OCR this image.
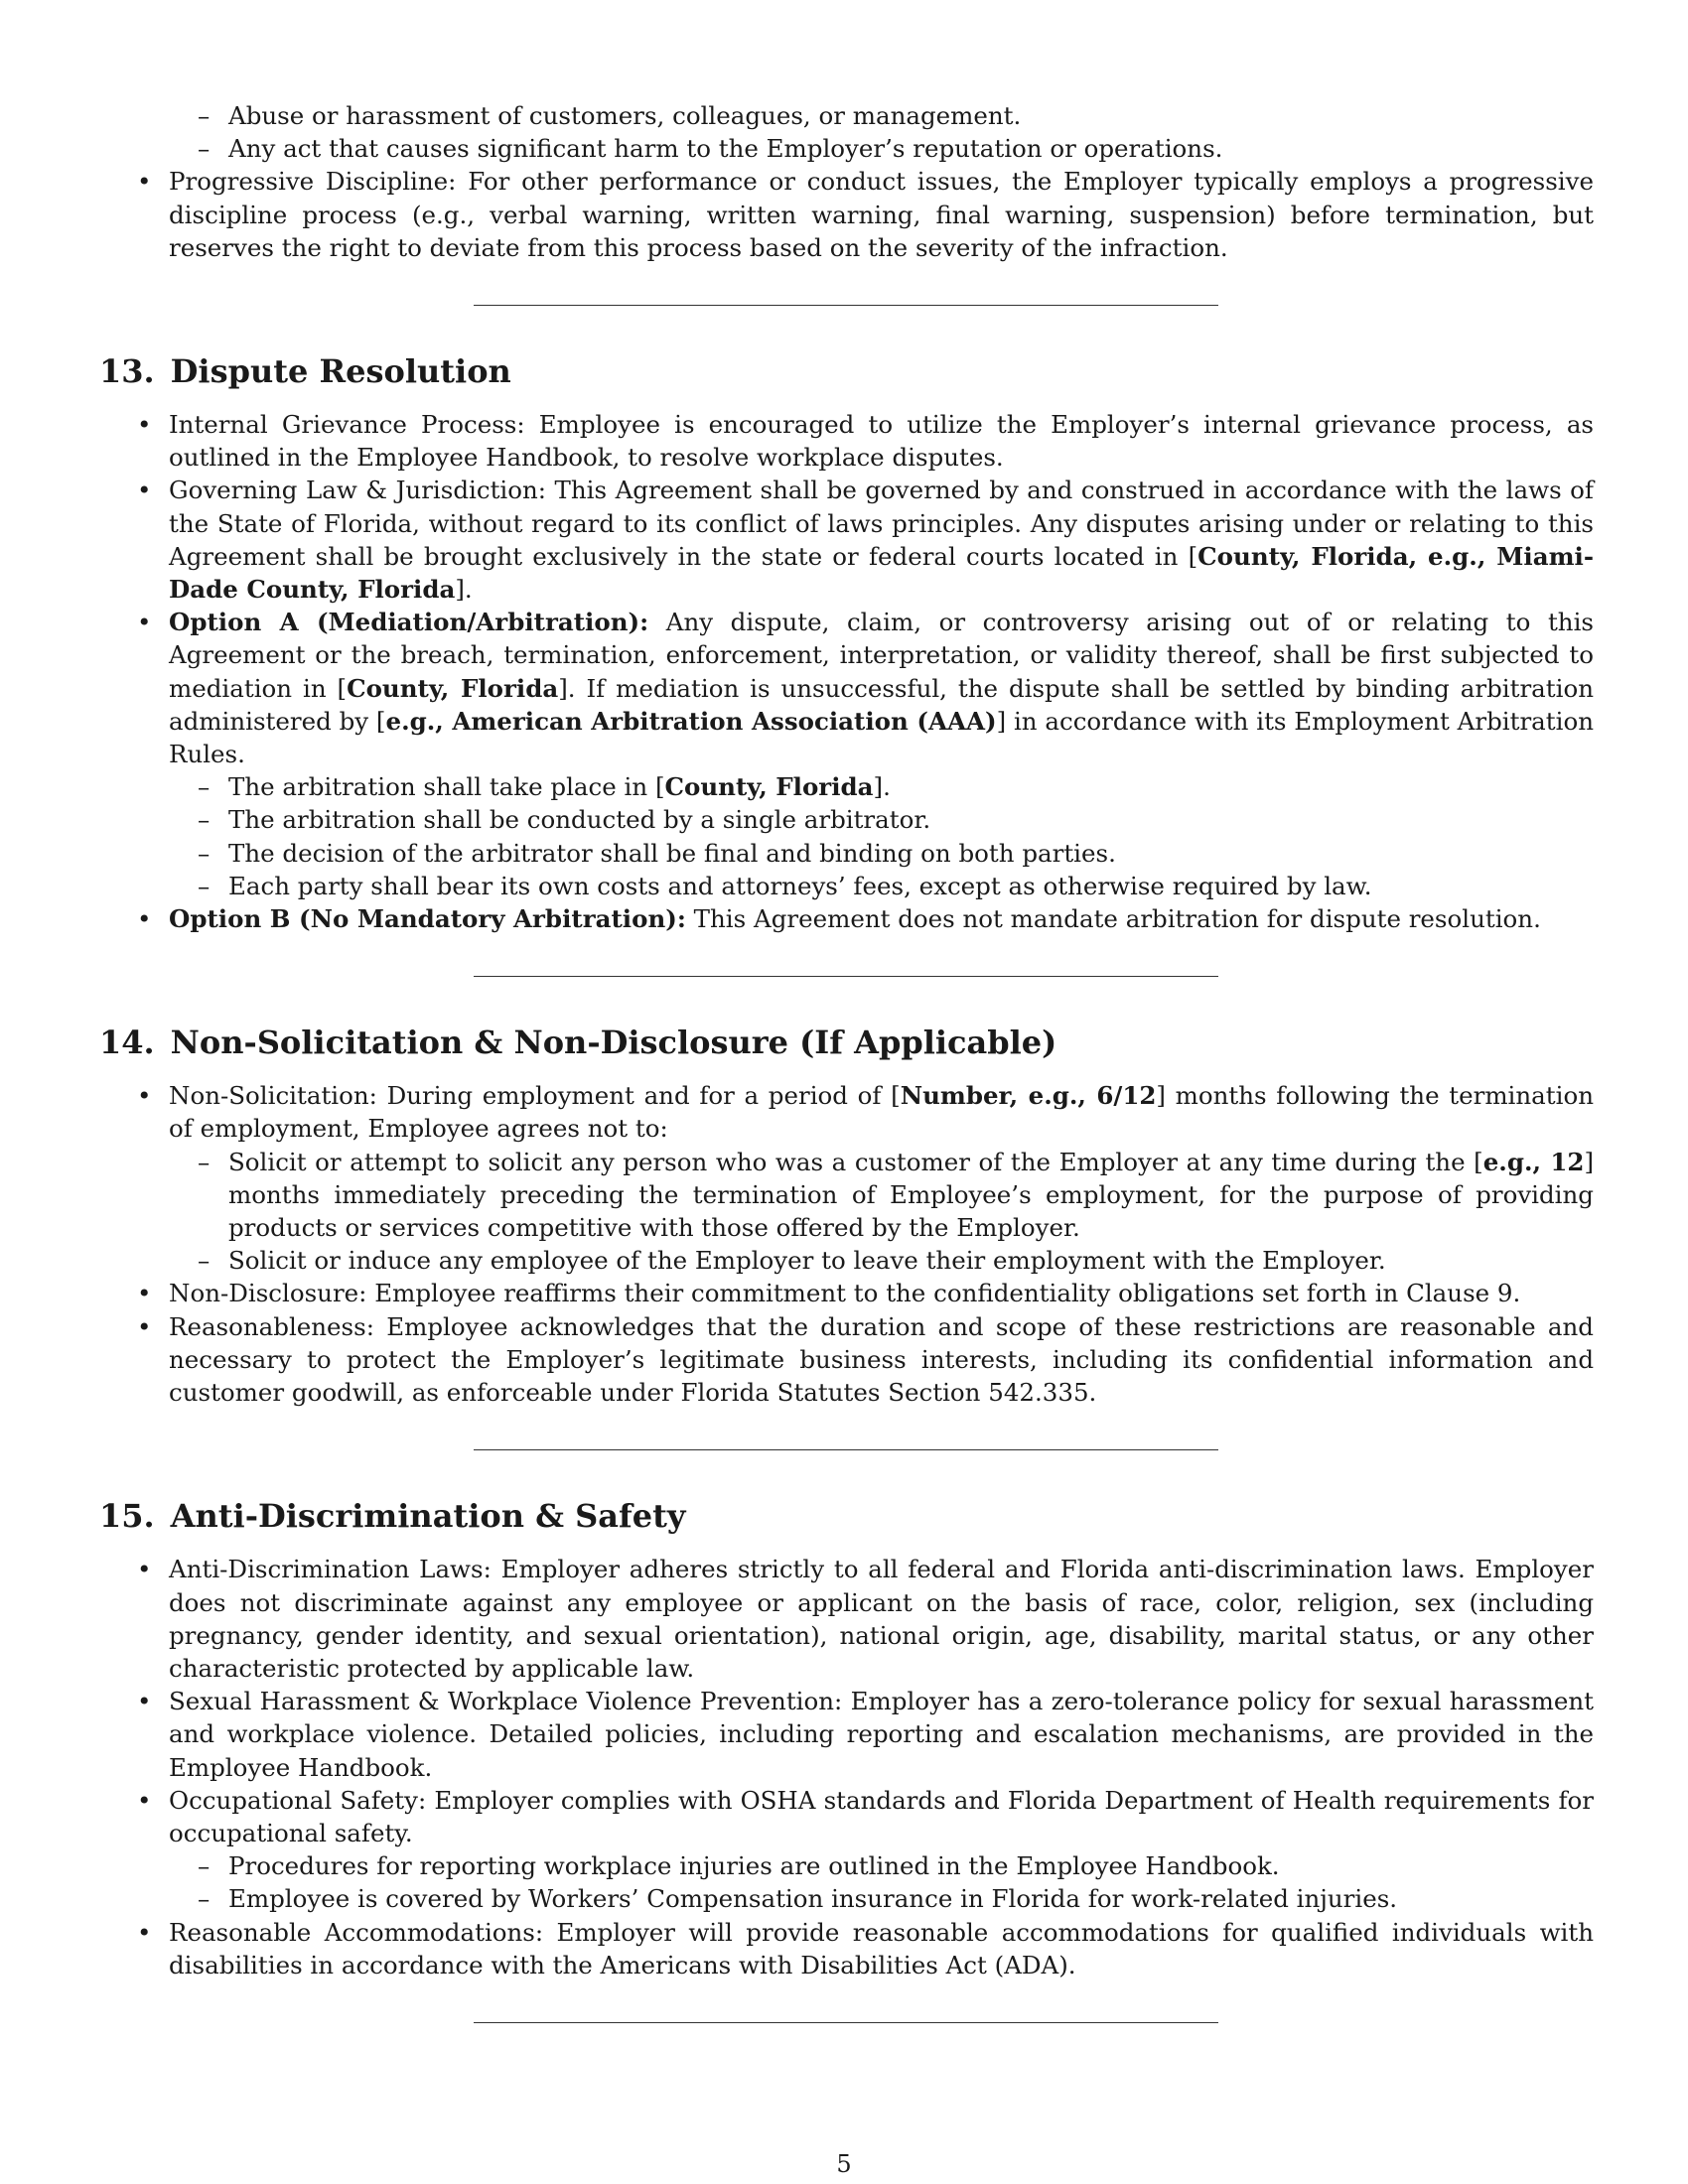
– Abuse or harassment of customers, colleagues, or management.
– Any act that causes significant harm to the Employer’s reputation or operations.
• Progressive Discipline: For other performance or conduct issues, the Employer typically employs a progressive discipline process (e.g., verbal warning, written warning, final warning, suspension) before termination, but reserves the right to deviate from this process based on the severity of the infraction.
13. Dispute Resolution
• Internal Grievance Process: Employee is encouraged to utilize the Employer’s internal grievance process, as outlined in the Employee Handbook, to resolve workplace disputes.
• Governing Law & Jurisdiction: This Agreement shall be governed by and construed in accordance with the laws of the State of Florida, without regard to its conflict of laws principles. Any disputes arising under or relating to this Agreement shall be brought exclusively in the state or federal courts located in [County, Florida, e.g., Miami-Dade County, Florida].
• Option A (Mediation/Arbitration): Any dispute, claim, or controversy arising out of or relating to this Agreement or the breach, termination, enforcement, interpretation, or validity thereof, shall be first subjected to mediation in [County, Florida]. If mediation is unsuccessful, the dispute shall be settled by binding arbitration administered by [e.g., American Arbitration Association (AAA)] in accordance with its Employment Arbitration Rules.
– The arbitration shall take place in [County, Florida].
– The arbitration shall be conducted by a single arbitrator.
– The decision of the arbitrator shall be final and binding on both parties.
– Each party shall bear its own costs and attorneys’ fees, except as otherwise required by law.
• Option B (No Mandatory Arbitration): This Agreement does not mandate arbitration for dispute resolution.
14. Non-Solicitation & Non-Disclosure (If Applicable)
• Non-Solicitation: During employment and for a period of [Number, e.g., 6/12] months following the termination of employment, Employee agrees not to:
– Solicit or attempt to solicit any person who was a customer of the Employer at any time during the [e.g., 12] months immediately preceding the termination of Employee’s employment, for the purpose of providing products or services competitive with those offered by the Employer.
– Solicit or induce any employee of the Employer to leave their employment with the Employer.
• Non-Disclosure: Employee reaffirms their commitment to the confidentiality obligations set forth in Clause 9.
• Reasonableness: Employee acknowledges that the duration and scope of these restrictions are reasonable and necessary to protect the Employer’s legitimate business interests, including its confidential information and customer goodwill, as enforceable under Florida Statutes Section 542.335.
15. Anti-Discrimination & Safety
• Anti-Discrimination Laws: Employer adheres strictly to all federal and Florida anti-discrimination laws. Employer does not discriminate against any employee or applicant on the basis of race, color, religion, sex (including pregnancy, gender identity, and sexual orientation), national origin, age, disability, marital status, or any other characteristic protected by applicable law.
• Sexual Harassment & Workplace Violence Prevention: Employer has a zero-tolerance policy for sexual harassment and workplace violence. Detailed policies, including reporting and escalation mechanisms, are provided in the Employee Handbook.
• Occupational Safety: Employer complies with OSHA standards and Florida Department of Health requirements for occupational safety.
– Procedures for reporting workplace injuries are outlined in the Employee Handbook.
– Employee is covered by Workers’ Compensation insurance in Florida for work-related injuries.
• Reasonable Accommodations: Employer will provide reasonable accommodations for qualified individuals with disabilities in accordance with the Americans with Disabilities Act (ADA).
5
